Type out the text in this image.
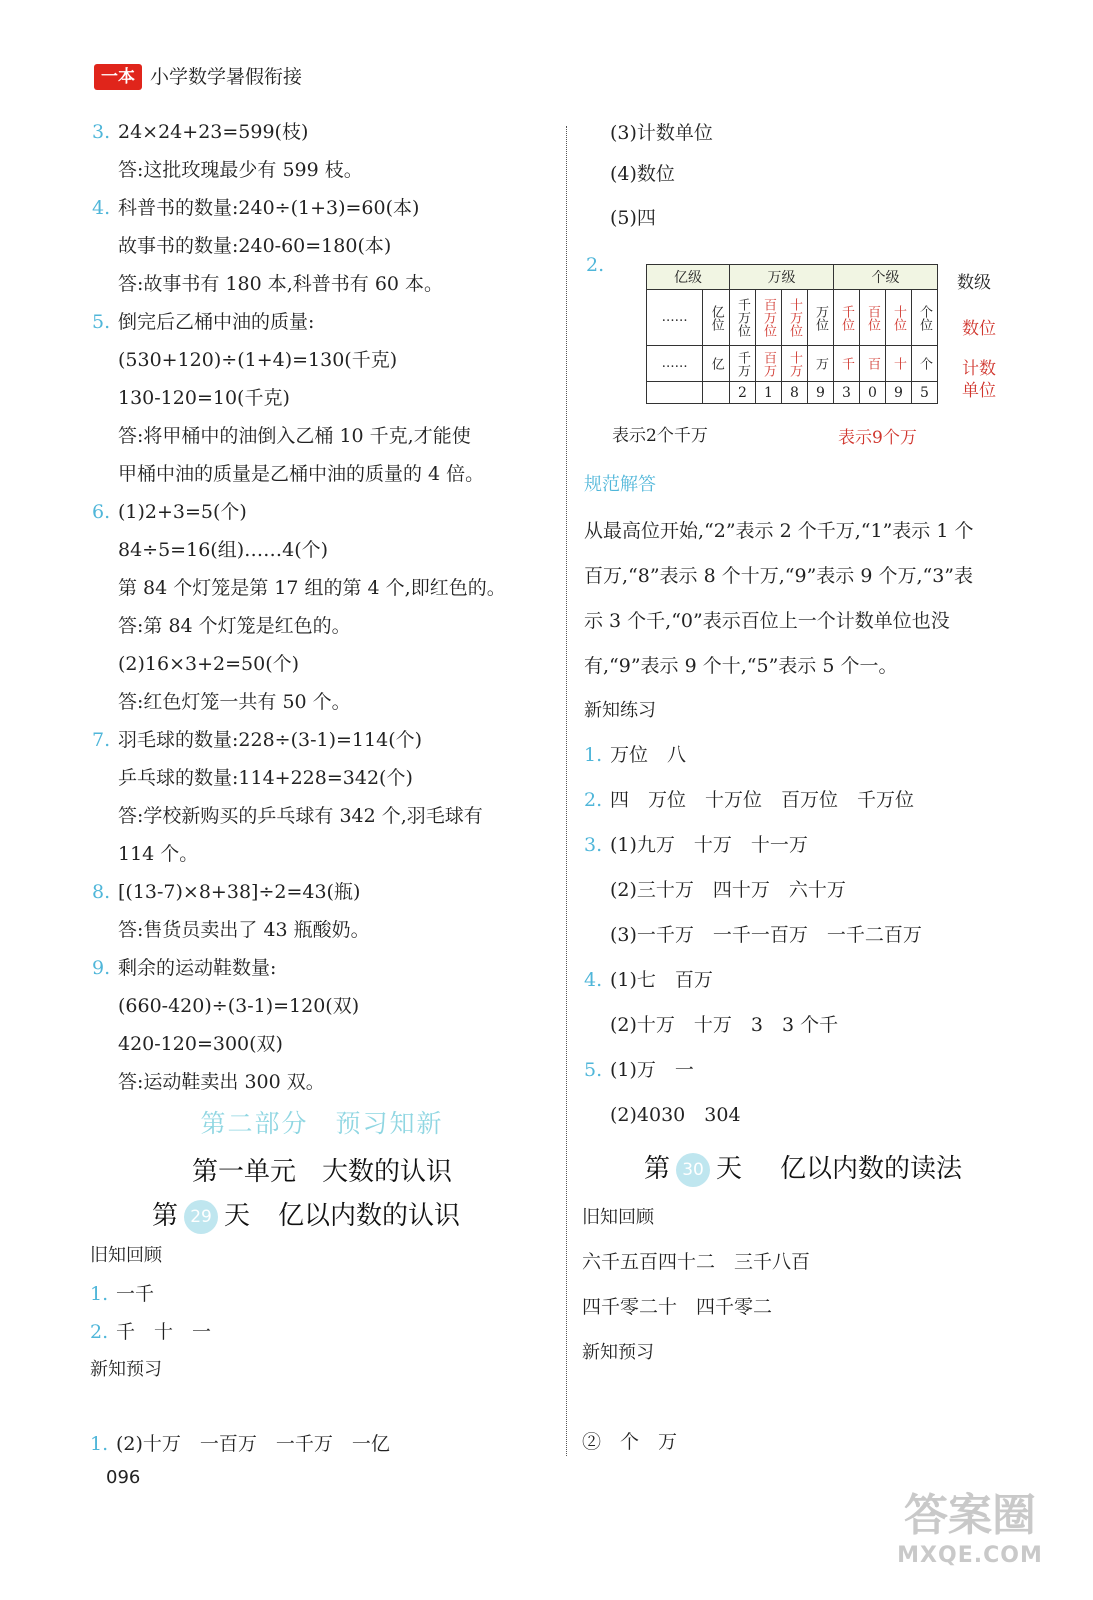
一本 小学数学暑假衔接
3. 24×24+23=599(枝)
答:这批玫瑰最少有 599 枝。
4. 科普书的数量:240÷(1+3)=60(本)
故事书的数量:240-60=180(本)
答:故事书有 180 本,科普书有 60 本。
5. 倒完后乙桶中油的质量:
(530+120)÷(1+4)=130(千克)
130-120=10(千克)
答:将甲桶中的油倒入乙桶 10 千克,才能使
甲桶中油的质量是乙桶中油的质量的 4 倍。
6. (1)2+3=5(个)
84÷5=16(组)……4(个)
第 84 个灯笼是第 17 组的第 4 个,即红色的。
答:第 84 个灯笼是红色的。
(2)16×3+2=50(个)
答:红色灯笼一共有 50 个。
7. 羽毛球的数量:228÷(3-1)=114(个)
乒乓球的数量:114+228=342(个)
答:学校新购买的乒乓球有 342 个,羽毛球有
114 个。
8. [(13-7)×8+38]÷2=43(瓶)
答:售货员卖出了 43 瓶酸奶。
9. 剩余的运动鞋数量:
(660-420)÷(3-1)=120(双)
420-120=300(双)
答:运动鞋卖出 300 双。
第二部分　预习知新
第一单元　大数的认识
第 29 天 亿以内数的认识
旧知回顾
1. 一千
2. 千　十　一
新知预习
1. (2)十万　一百万　一千万　一亿
(3)计数单位
(4)数位
(5)四
2.
亿级		万级				个级			
……	亿位	千万位	百万位	十万位	万位	千位	百位	十位	个位
……	亿	千万	百万	十万	万	千	百	十	个
		2	1	8	9	3	0	9	5
数级
数位
计数单位
表示2个千万	表示9个万
规范解答
从最高位开始,“2”表示 2 个千万,“1”表示 1 个
百万,“8”表示 8 个十万,“9”表示 9 个万,“3”表
示 3 个千,“0”表示百位上一个计数单位也没
有,“9”表示 9 个十,“5”表示 5 个一。
新知练习
1. 万位　八
2. 四　万位　十万位　百万位　千万位
3. (1)九万　十万　十一万
(2)三十万　四十万　六十万
(3)一千万　一千一百万　一千二百万
4. (1)七　百万
(2)十万　十万　3　3 个千
5. (1)万　一
(2)4030　304
第 30 天 亿以内数的读法
旧知回顾
六千五百四十二　三千八百
四千零二十　四千零二
新知预习
②　个　万
096
答案圈
MXQE.COM
